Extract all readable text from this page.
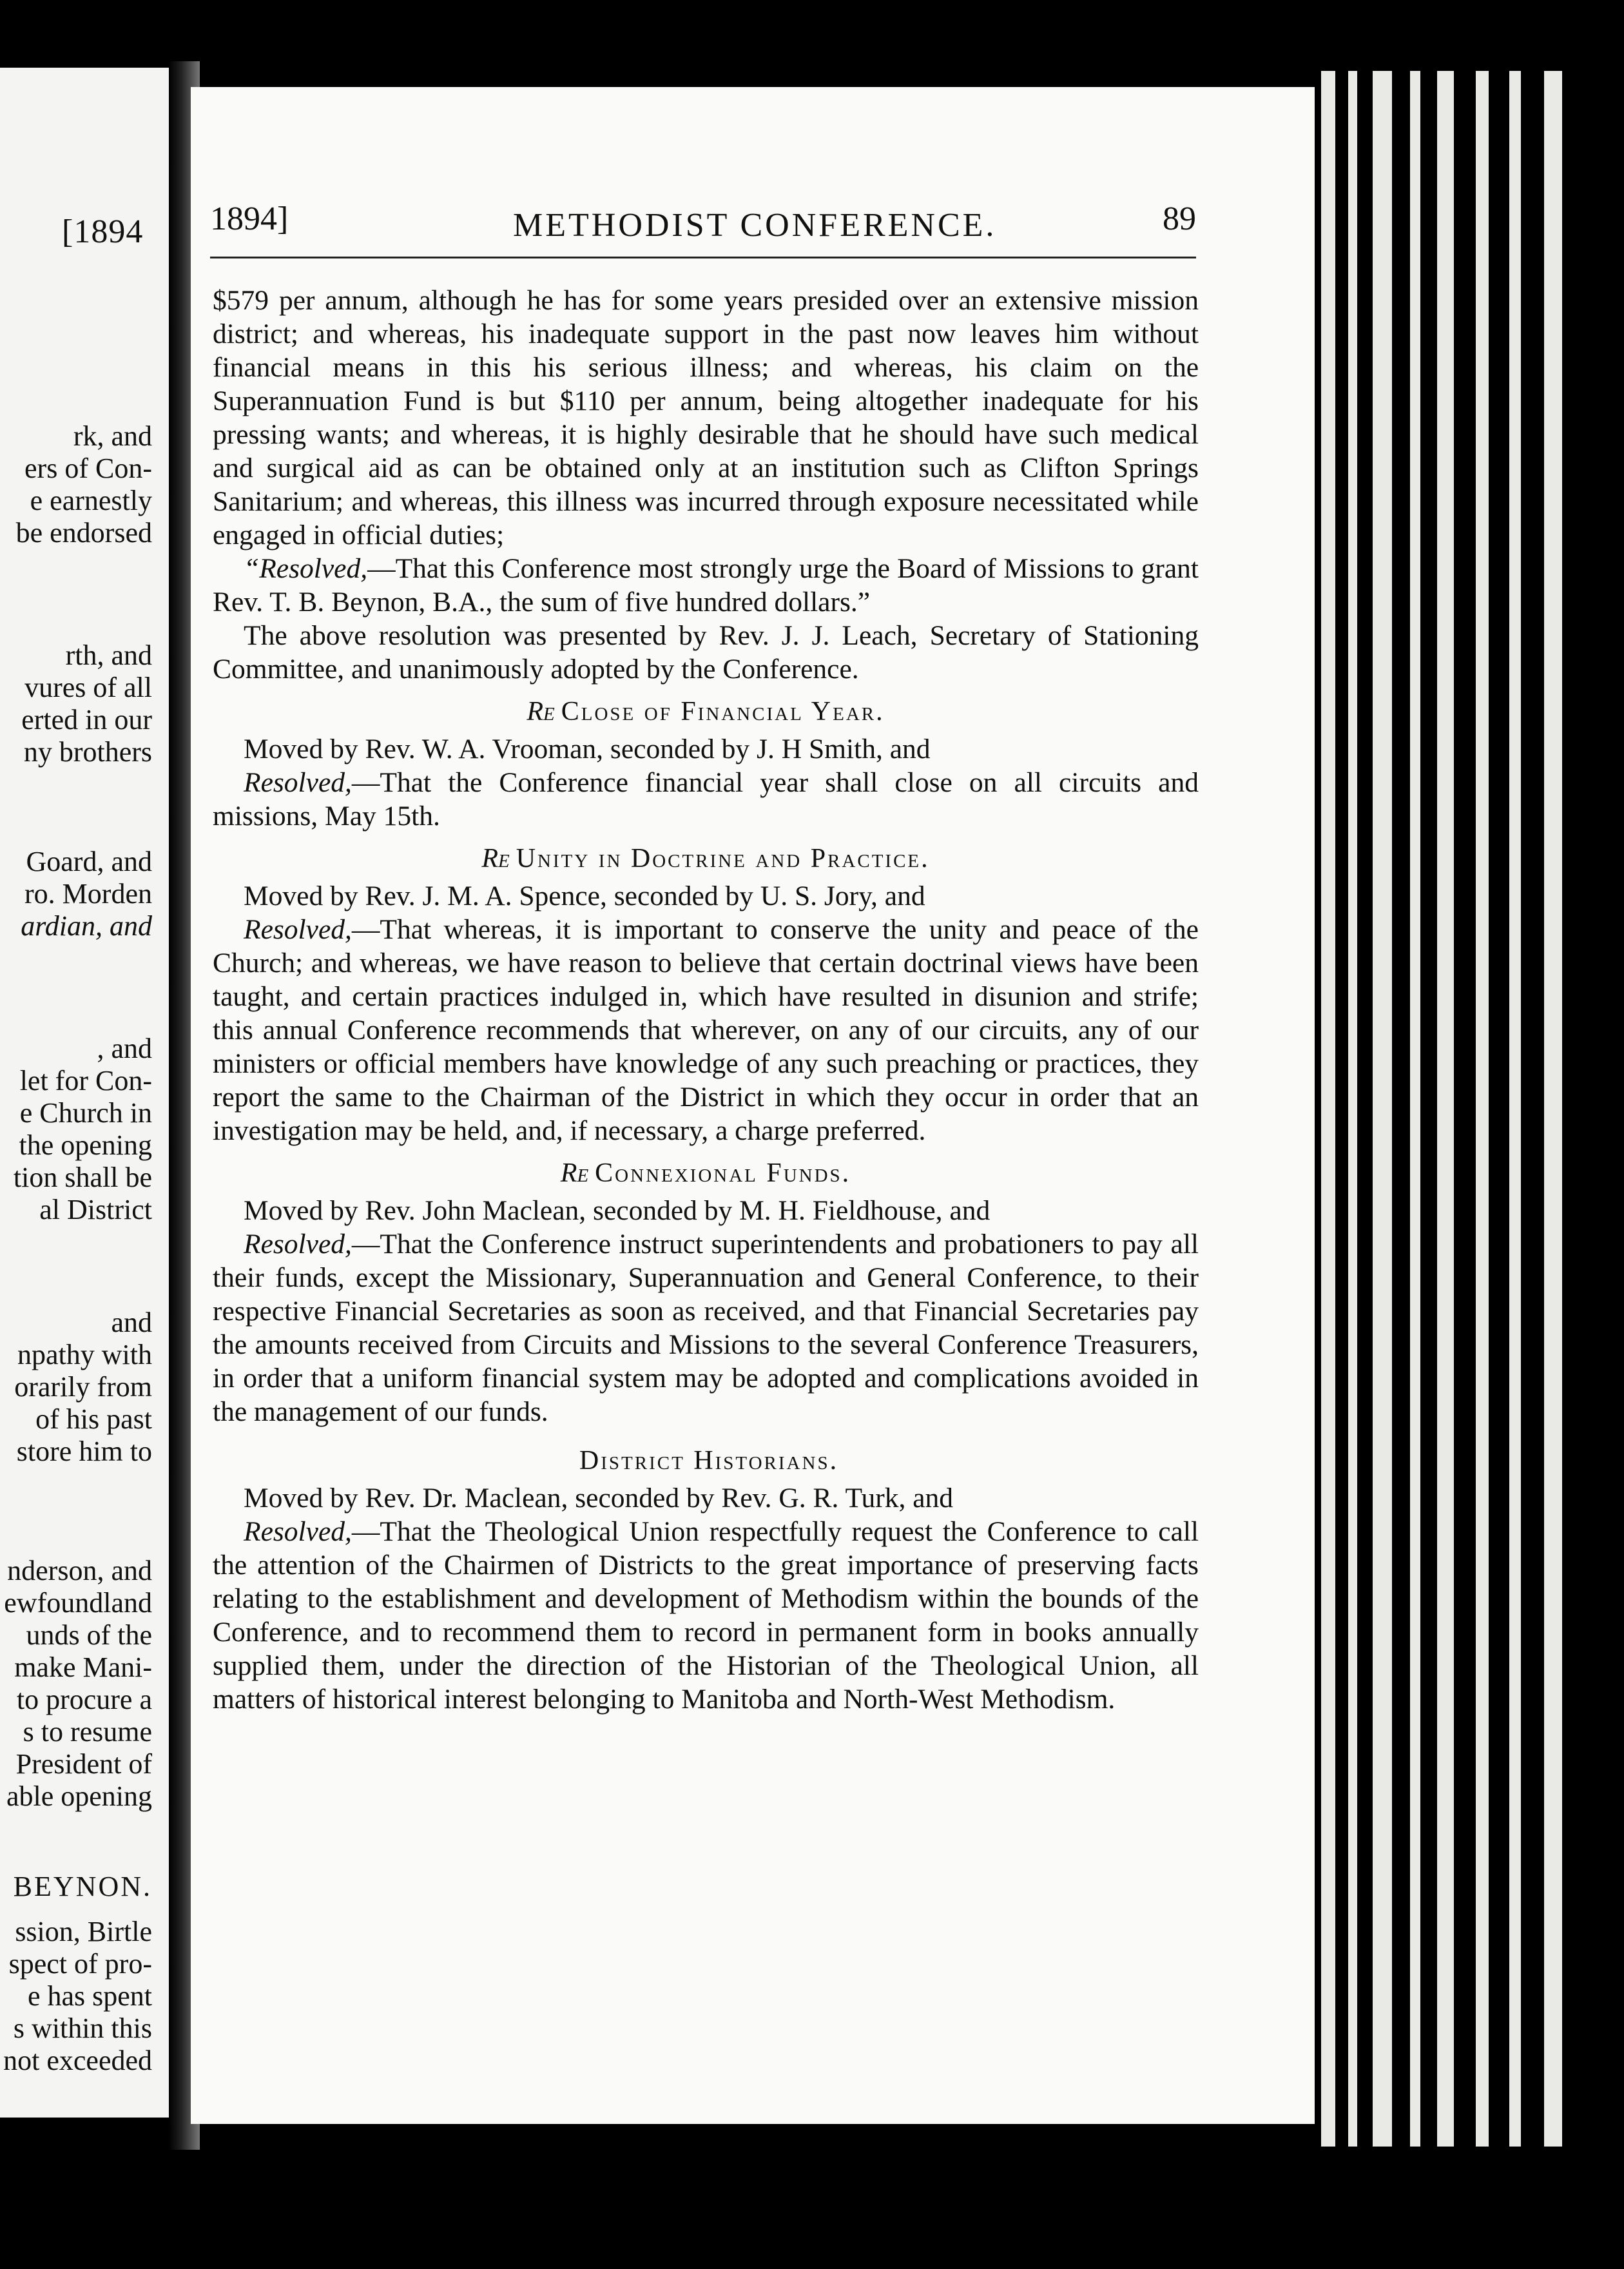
[1894
rk, and
ers of Con-
e earnestly
be endorsed
rth, and
vures of all
erted in our
ny brothers
Goard, and
ro. Morden
ardian, and
, and
let for Con-
e Church in
the opening
tion shall be
al District
and
npathy with
orarily from
of his past
store him to
nderson, and
ewfoundland
unds of the
make Mani-
to procure a
s to resume
President of
able opening
BEYNON.
ssion, Birtle
spect of pro-
e has spent
s within this
not exceeded
1894]	METHODIST CONFERENCE.	89

$579 per annum, although he has for some years presided over an extensive mission district; and whereas, his inadequate support in the past now leaves him without financial means in this his serious illness; and whereas, his claim on the Superannuation Fund is but $110 per annum, being altogether inadequate for his pressing wants; and whereas, it is highly desirable that he should have such medical and surgical aid as can be obtained only at an institution such as Clifton Springs Sanitarium; and whereas, this illness was incurred through exposure necessitated while engaged in official duties;

“Resolved,—That this Conference most strongly urge the Board of Missions to grant Rev. T. B. Beynon, B.A., the sum of five hundred dollars.”

The above resolution was presented by Rev. J. J. Leach, Secretary of Stationing Committee, and unanimously adopted by the Conference.

Re Close of Financial Year.

Moved by Rev. W. A. Vrooman, seconded by J. H Smith, and

Resolved,—That the Conference financial year shall close on all circuits and missions, May 15th.

Re Unity in Doctrine and Practice.

Moved by Rev. J. M. A. Spence, seconded by U. S. Jory, and

Resolved,—That whereas, it is important to conserve the unity and peace of the Church; and whereas, we have reason to believe that certain doctrinal views have been taught, and certain practices indulged in, which have resulted in disunion and strife; this annual Conference recommends that wherever, on any of our circuits, any of our ministers or official members have knowledge of any such preaching or practices, they report the same to the Chairman of the District in which they occur in order that an investigation may be held, and, if necessary, a charge preferred.

Re Connexional Funds.

Moved by Rev. John Maclean, seconded by M. H. Fieldhouse, and

Resolved,—That the Conference instruct superintendents and probationers to pay all their funds, except the Missionary, Superannuation and General Conference, to their respective Financial Secretaries as soon as received, and that Financial Secretaries pay the amounts received from Circuits and Missions to the several Conference Treasurers, in order that a uniform financial system may be adopted and complications avoided in the management of our funds.

District Historians.

Moved by Rev. Dr. Maclean, seconded by Rev. G. R. Turk, and

Resolved,—That the Theological Union respectfully request the Conference to call the attention of the Chairmen of Districts to the great importance of preserving facts relating to the establishment and development of Methodism within the bounds of the Conference, and to recommend them to record in permanent form in books annually supplied them, under the direction of the Historian of the Theological Union, all matters of historical interest belonging to Manitoba and North-West Methodism.
